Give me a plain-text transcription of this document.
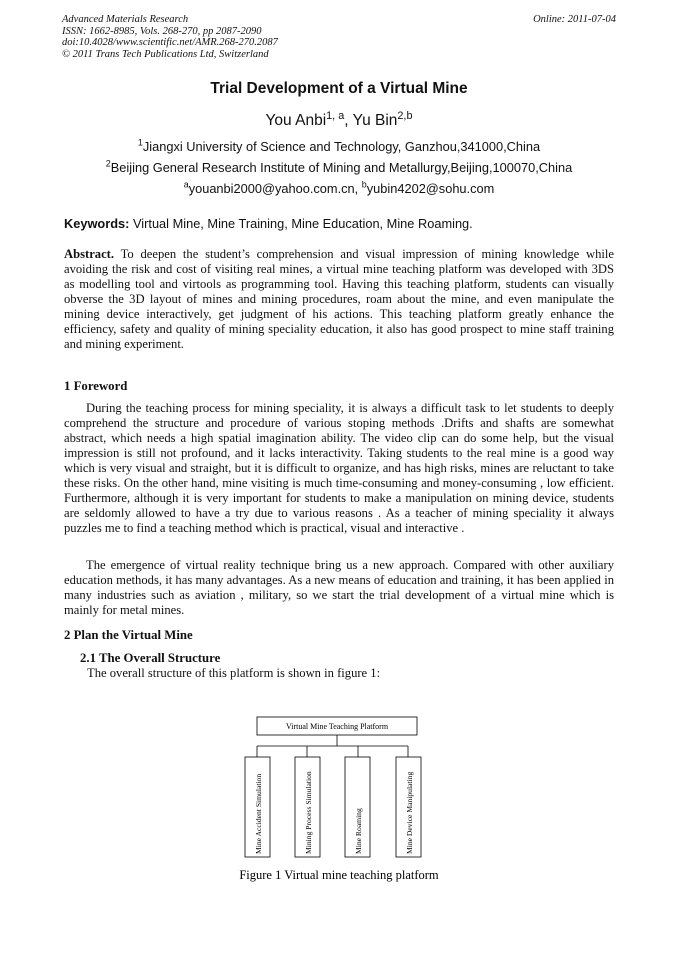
Advanced Materials Research
ISSN: 1662-8985, Vols. 268-270, pp 2087-2090
doi:10.4028/www.scientific.net/AMR.268-270.2087
© 2011 Trans Tech Publications Ltd, Switzerland
Online: 2011-07-04
Trial Development of a Virtual Mine
You Anbi$^{1, a}$, Yu Bin$^{2,b}$
$^1$Jiangxi University of Science and Technology, Ganzhou,341000,China
$^2$Beijing General Research Institute of Mining and Metallurgy,Beijing,100070,China
$^a$youanbi2000@yahoo.com.cn, $^b$yubin4202@sohu.com
Keywords: Virtual Mine, Mine Training, Mine Education, Mine Roaming.
Abstract. To deepen the student’s comprehension and visual impression of mining knowledge while avoiding the risk and cost of visiting real mines, a virtual mine teaching platform was developed with 3DS as modelling tool and virtools as programming tool. Having this teaching platform, students can visually obverse the 3D layout of mines and mining procedures, roam about the mine, and even manipulate the mining device interactively, get judgment of his actions. This teaching platform greatly enhance the efficiency, safety and quality of mining speciality education, it also has good prospect to mine staff training and mining experiment.
1 Foreword
During the teaching process for mining speciality, it is always a difficult task to let students to deeply comprehend the structure and procedure of various stoping methods .Drifts and shafts are somewhat abstract, which needs a high spatial imagination ability. The video clip can do some help, but the visual impression is still not profound, and it lacks interactivity. Taking students to the real mine is a good way which is very visual and straight, but it is difficult to organize, and has high risks, mines are reluctant to take these risks. On the other hand, mine visiting is much time-consuming and money-consuming , low efficient. Furthermore, although it is very important for students to make a manipulation on mining device, students are seldomly allowed to have a try due to various reasons . As a teacher of mining speciality it always puzzles me to find a teaching method which is practical, visual and interactive .
The emergence of virtual reality technique bring us a new approach. Compared with other auxiliary education methods, it has many advantages. As a new means of education and training, it has been applied in many industries such as aviation , military, so we start the trial development of a virtual mine which is mainly for metal mines.
2 Plan the Virtual Mine
2.1 The Overall Structure
The overall structure of this platform is shown in figure 1:
Virtual Mine Teaching Platform
Mine Accident Simulation	Mining Process Simulation	Mine Roaming	Mine Device Manipulating
Figure 1 Virtual mine teaching platform
